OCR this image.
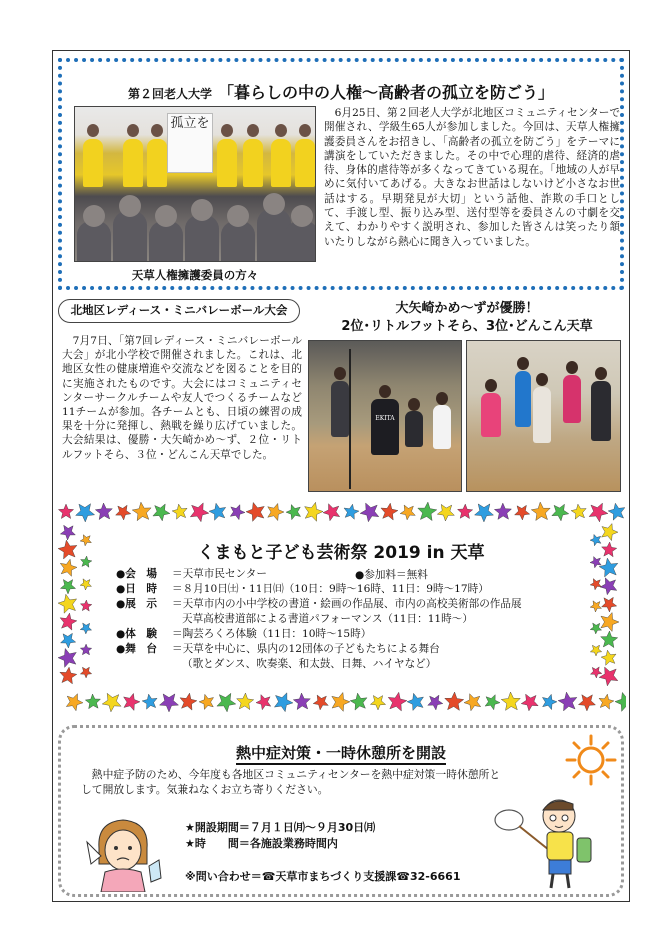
第２回老人大学 「暮らしの中の人権～高齢者の孤立を防ごう」
孤立を
天草人権擁護委員の方々

6月25日、第２回老人大学が北地区コミュニティセンターで開催され、学級生65人が参加しました。今回は、天草人権擁護委員さんをお招きし、「高齢者の孤立を防ごう」をテーマに講演をしていただきました。その中で心理的虐待、経済的虐待、身体的虐待等が多くなってきている現在。「地域の人が早めに気付いてあげる。大きなお世話はしないけど小さなお世話はする。早期発見が大切」という話他、詐欺の手口として、手渡し型、振り込み型、送付型等を委員さんの寸劇を交えて、わかりやすく説明され、参加した皆さんは笑ったり頷いたりしながら熱心に聞き入っていました。

北地区レディース・ミニバレーボール大会

7月7日、「第7回レディース・ミニバレーボール大会」が北小学校で開催されました。これは、北地区女性の健康増進や交流などを図ることを目的に実施されたものです。大会にはコミュニティセンターサークルチームや友人でつくるチームなど11チームが参加。各チームとも、日頃の練習の成果を十分に発揮し、熱戦を繰り広げていました。大会結果は、優勝・大矢崎かめ～ず、２位・リトルフットそら、３位・どんこん天草でした。

大矢崎かめ～ずが優勝！
2位･リトルフットそら、3位･どんこん天草
EKITA
くまもと子ども芸術祭 2019 in 天草
●参加料＝無料
●会　場	＝天草市民センター
●日　時	＝８月10日㈯・11日㈰（10日：9時～16時、11日：9時～17時）
●展　示	＝天草市内の小中学校の書道・絵画の作品展、市内の高校美術部の作品展
天草高校書道部による書道パフォーマンス（11日：11時～）
●体　験	＝陶芸ろくろ体験（11日：10時～15時）
●舞　台	＝天草を中心に、県内の12団体の子どもたちによる舞台
（歌とダンス、吹奏楽、和太鼓、日舞、ハイヤなど）
熱中症対策・一時休憩所を開設

熱中症予防のため、今年度も各地区コミュニティセンターを熱中症対策一時休憩所として開放します。気兼ねなくお立ち寄りください。

★開設期間＝７月１日㈪～９月30日㈪
★時　　間＝各施設業務時間内
※問い合わせ＝☎天草市まちづくり支援課☎32-6661
